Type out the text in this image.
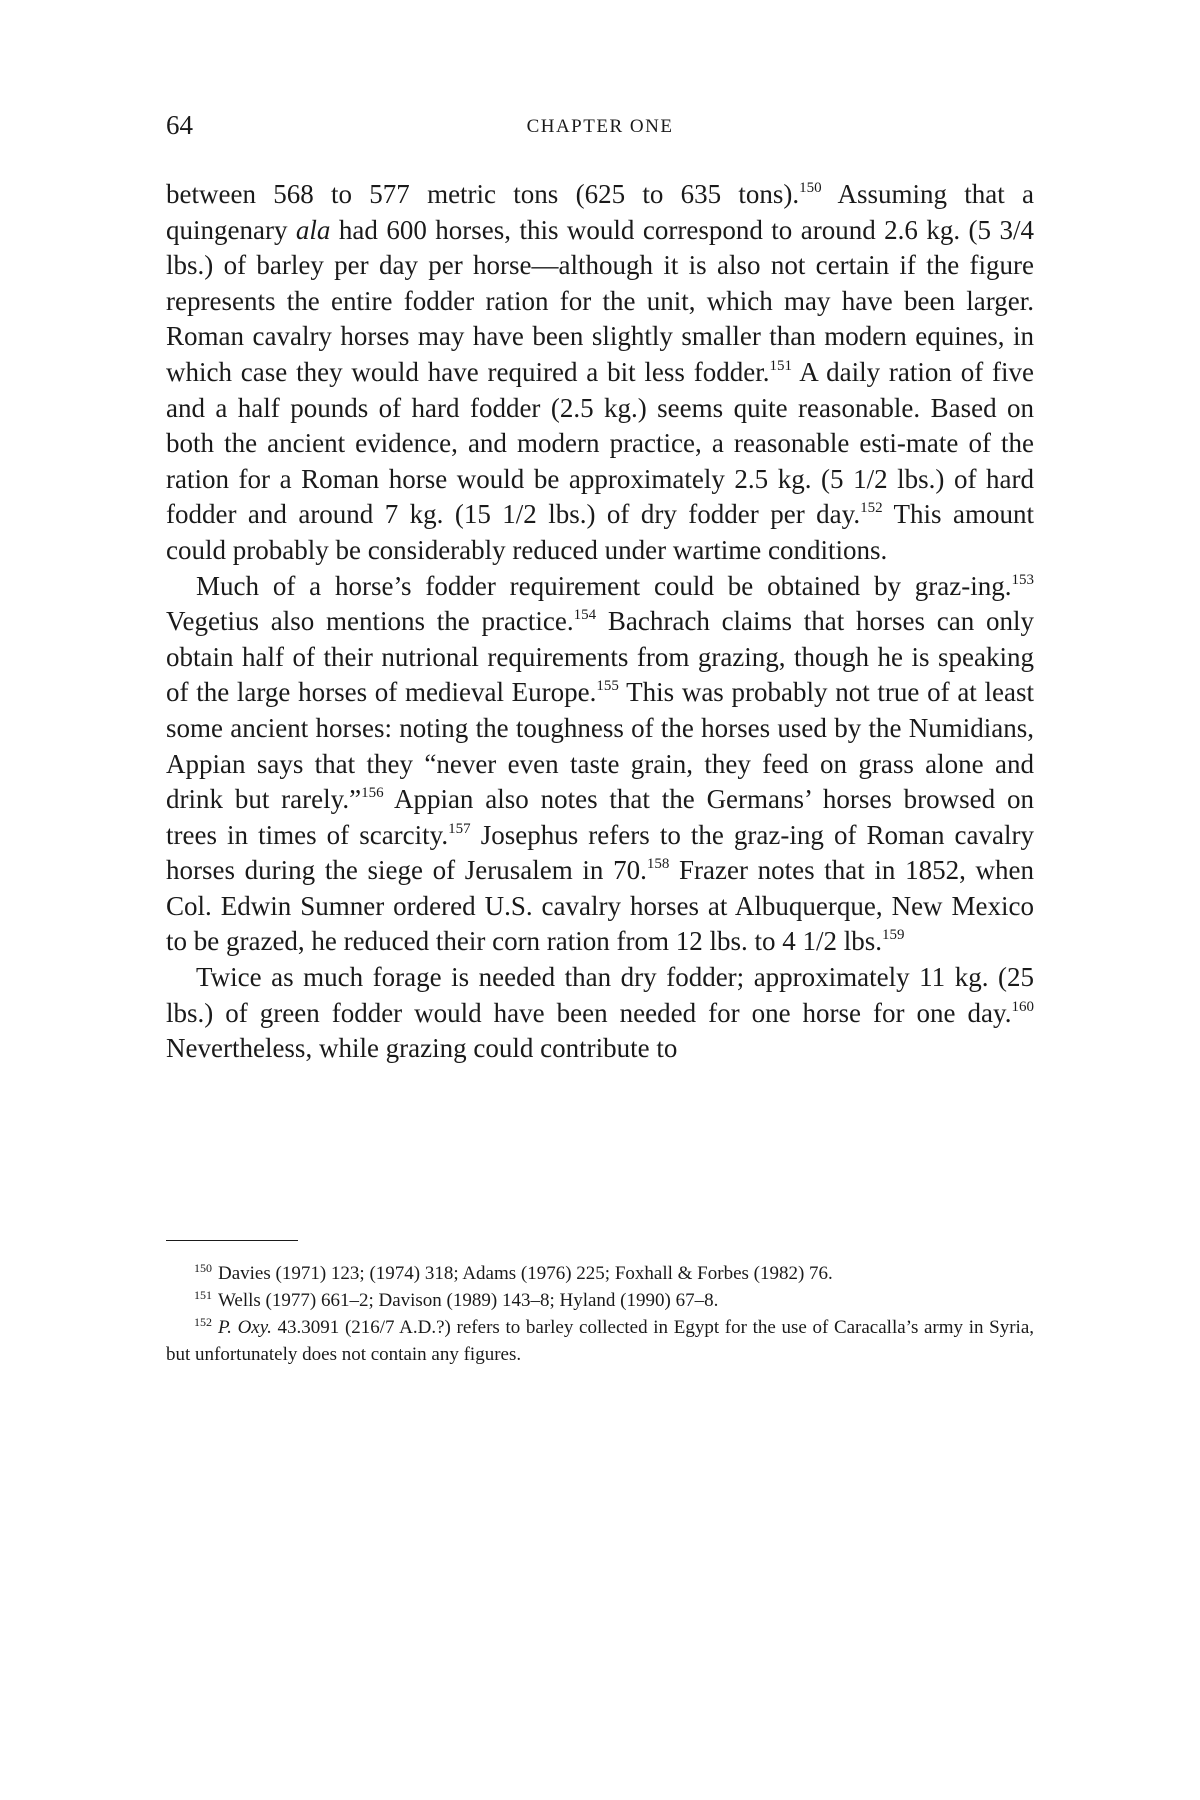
64	CHAPTER ONE

between 568 to 577 metric tons (625 to 635 tons).$^{150}$ Assuming that a quingenary ala had 600 horses, this would correspond to around 2.6 kg. (5 3/4 lbs.) of barley per day per horse—although it is also not certain if the figure represents the entire fodder ration for the unit, which may have been larger. Roman cavalry horses may have been slightly smaller than modern equines, in which case they would have required a bit less fodder.$^{151}$ A daily ration of five and a half pounds of hard fodder (2.5 kg.) seems quite reasonable. Based on both the ancient evidence, and modern practice, a reasonable esti-mate of the ration for a Roman horse would be approximately 2.5 kg. (5 1/2 lbs.) of hard fodder and around 7 kg. (15 1/2 lbs.) of dry fodder per day.$^{152}$ This amount could probably be considerably reduced under wartime conditions.

Much of a horse’s fodder requirement could be obtained by graz-ing.$^{153}$ Vegetius also mentions the practice.$^{154}$ Bachrach claims that horses can only obtain half of their nutrional requirements from grazing, though he is speaking of the large horses of medieval Europe.$^{155}$ This was probably not true of at least some ancient horses: noting the toughness of the horses used by the Numidians, Appian says that they “never even taste grain, they feed on grass alone and drink but rarely.”$^{156}$ Appian also notes that the Germans’ horses browsed on trees in times of scarcity.$^{157}$ Josephus refers to the graz-ing of Roman cavalry horses during the siege of Jerusalem in 70.$^{158}$ Frazer notes that in 1852, when Col. Edwin Sumner ordered U.S. cavalry horses at Albuquerque, New Mexico to be grazed, he reduced their corn ration from 12 lbs. to 4 1/2 lbs.$^{159}$

Twice as much forage is needed than dry fodder; approximately 11 kg. (25 lbs.) of green fodder would have been needed for one horse for one day.$^{160}$ Nevertheless, while grazing could contribute to

$^{150}$ Davies (1971) 123; (1974) 318; Adams (1976) 225; Foxhall & Forbes (1982) 76.

$^{151}$ Wells (1977) 661–2; Davison (1989) 143–8; Hyland (1990) 67–8.

$^{152}$ P. Oxy. 43.3091 (216/7 A.D.?) refers to barley collected in Egypt for the use of Caracalla’s army in Syria, but unfortunately does not contain any figures.
